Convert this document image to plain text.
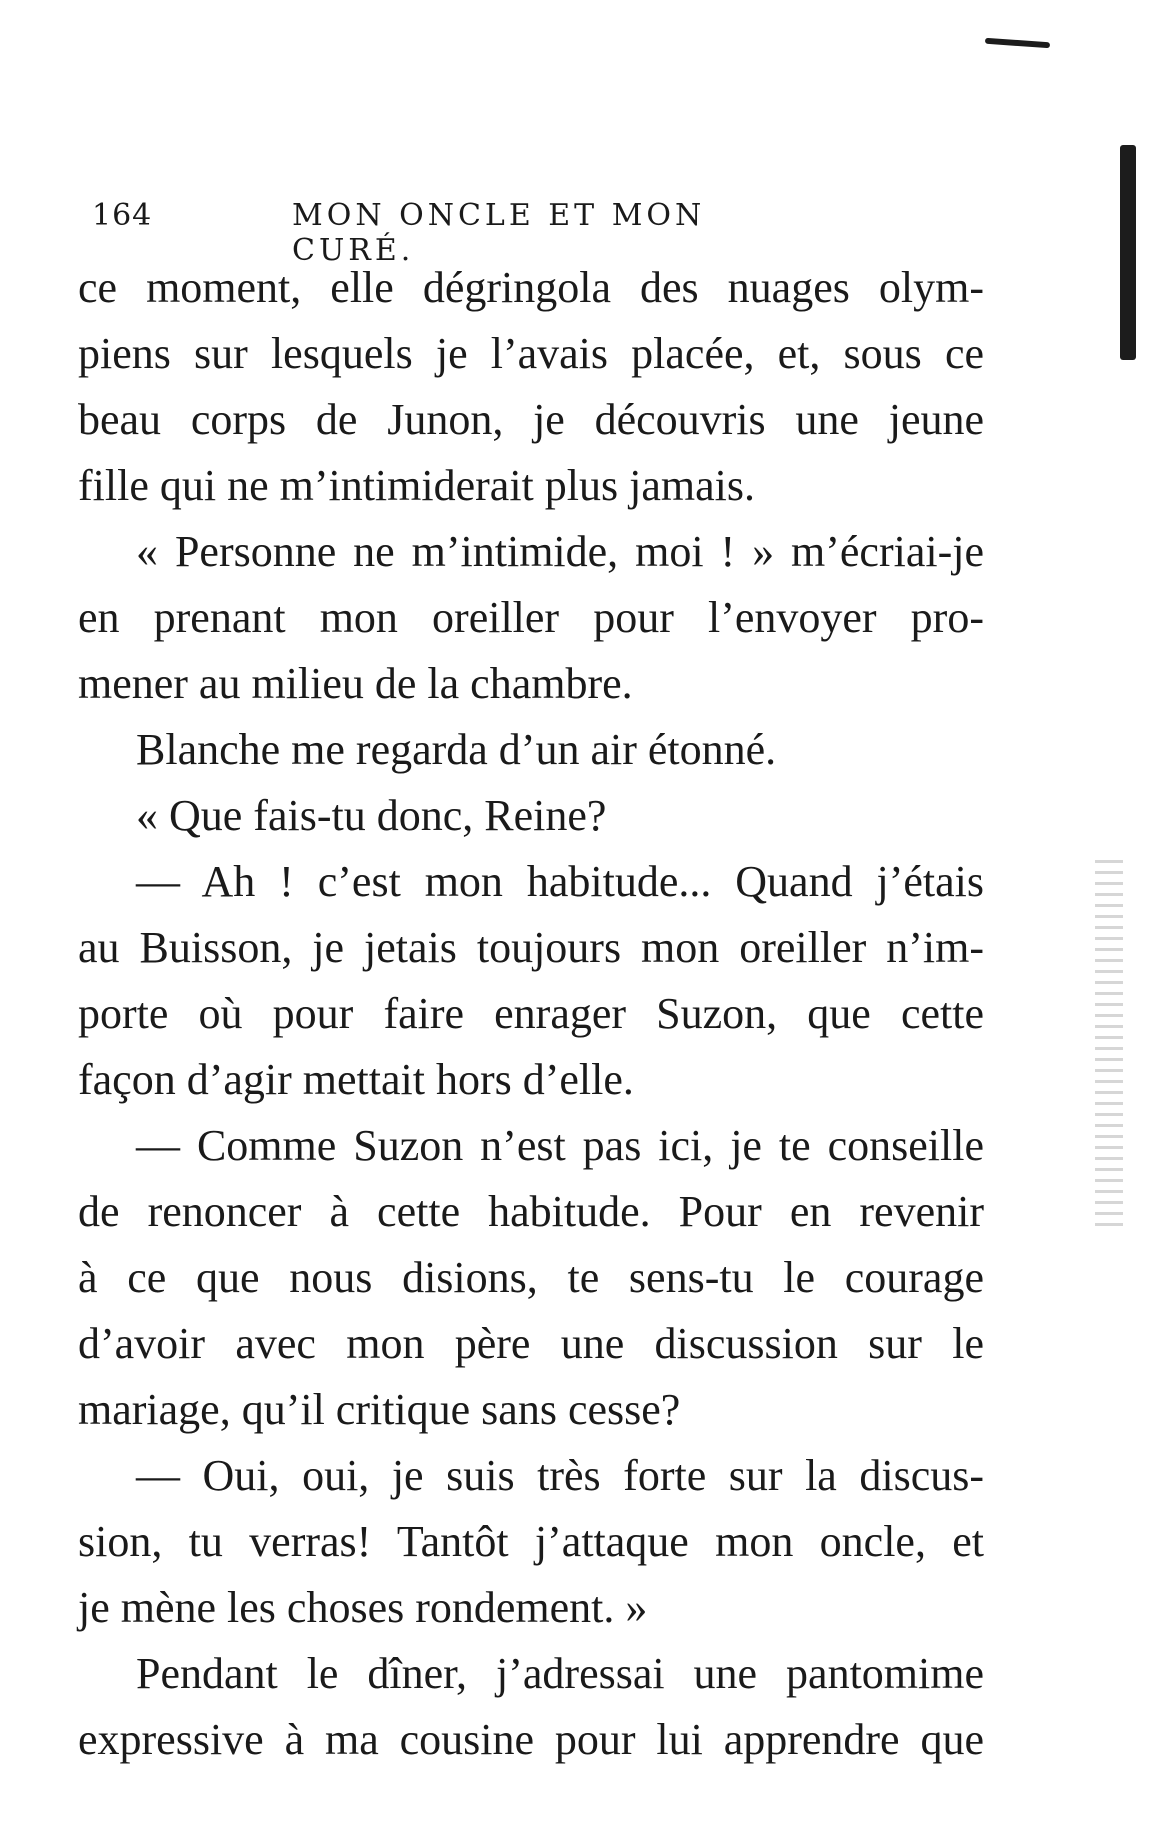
164	MON ONCLE ET MON CURÉ.
ce moment, elle dégringola des nuages olym-
piens sur lesquels je l’avais placée, et, sous ce
beau corps de Junon, je découvris une jeune
fille qui ne m’intimiderait plus jamais.
« Personne ne m’intimide, moi ! » m’écriai-je
en prenant mon oreiller pour l’envoyer pro-
mener au milieu de la chambre.
Blanche me regarda d’un air étonné.
« Que fais-tu donc, Reine?
— Ah ! c’est mon habitude... Quand j’étais
au Buisson, je jetais toujours mon oreiller n’im-
porte où pour faire enrager Suzon, que cette
façon d’agir mettait hors d’elle.
— Comme Suzon n’est pas ici, je te conseille
de renoncer à cette habitude. Pour en revenir
à ce que nous disions, te sens-tu le courage
d’avoir avec mon père une discussion sur le
mariage, qu’il critique sans cesse?
— Oui, oui, je suis très forte sur la discus-
sion, tu verras! Tantôt j’attaque mon oncle, et
je mène les choses rondement. »
Pendant le dîner, j’adressai une pantomime
expressive à ma cousine pour lui apprendre que
